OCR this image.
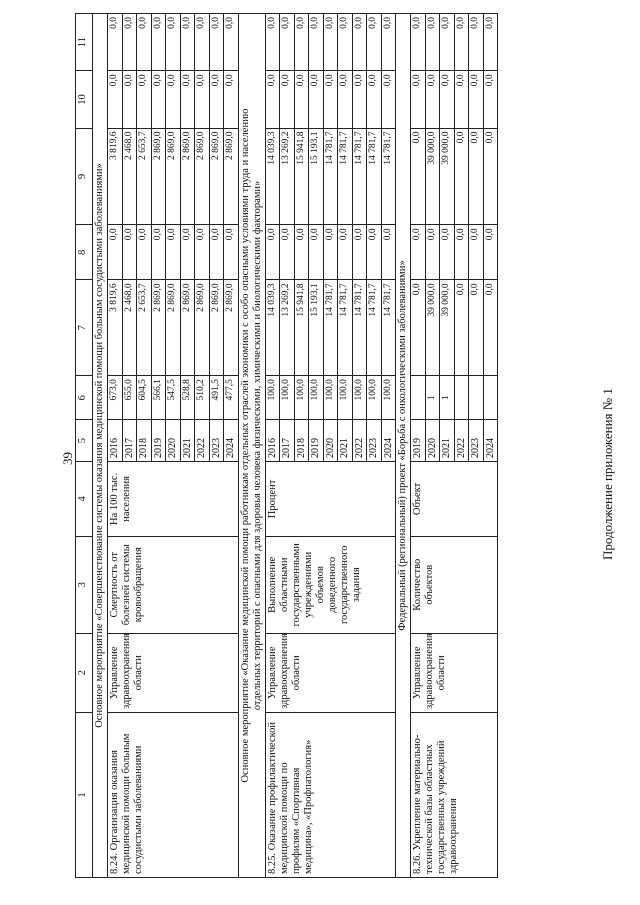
39	Продолжение приложения № 1
1	2	3	4	5	6	7	8	9	10	11
Основное мероприятие «Совершенствование системы оказания медицинской помощи больным сосудистыми заболеваниями»										
8.24. Организация оказания медицинской помощи больным сосудистыми заболеваниями	Управление здравоохранения области	Смертность от болезней системы кровообращения	На 100 тыс. населения	2016	673,0	3 819,6	0,0	3 819,6	0,0	0,0
				2017	655,0	2 468,0	0,0	2 468,0	0,0	0,0
				2018	604,5	2 653,7	0,0	2 653,7	0,0	0,0
				2019	566,1	2 869,0	0,0	2 869,0	0,0	0,0
				2020	547,5	2 869,0	0,0	2 869,0	0,0	0,0
				2021	528,8	2 869,0	0,0	2 869,0	0,0	0,0
				2022	510,2	2 869,0	0,0	2 869,0	0,0	0,0
				2023	491,5	2 869,0	0,0	2 869,0	0,0	0,0
				2024	477,5	2 869,0	0,0	2 869,0	0,0	0,0
Основное мероприятие «Оказание медицинской помощи работникам отдельных отраслей экономики с особо опасными условиями труда и населению
отдельных территорий с опасными для здоровья человека физическими, химическими и биологическими факторами»										
8.25. Оказание профилактической медицинской помощи по профилям «Спортивная медицина», «Профпатология»	Управление здравоохранения области	Выполнение областными государственными учреждениями объемов доведенного государственного задания	Процент	2016	100,0	14 039,3	0,0	14 039,3	0,0	0,0
				2017	100,0	13 269,2	0,0	13 269,2	0,0	0,0
				2018	100,0	15 941,8	0,0	15 941,8	0,0	0,0
				2019	100,0	15 193,1	0,0	15 193,1	0,0	0,0
				2020	100,0	14 781,7	0,0	14 781,7	0,0	0,0
				2021	100,0	14 781,7	0,0	14 781,7	0,0	0,0
				2022	100,0	14 781,7	0,0	14 781,7	0,0	0,0
				2023	100,0	14 781,7	0,0	14 781,7	0,0	0,0
				2024	100,0	14 781,7	0,0	14 781,7	0,0	0,0
Федеральный (региональный) проект «Борьба с онкологическими заболеваниями»										
8.26. Укрепление материально-технической базы областных государственных учреждений здравоохранения	Управление здравоохранения области	Количество объектов	Объект	2019		0,0	0,0	0,0	0,0	0,0
				2020	1	39 000,0	0,0	39 000,0	0,0	0,0
				2021	1	39 000,0	0,0	39 000,0	0,0	0,0
				2022		0,0	0,0	0,0	0,0	0,0
				2023		0,0	0,0	0,0	0,0	0,0
				2024		0,0	0,0	0,0	0,0	0,0
